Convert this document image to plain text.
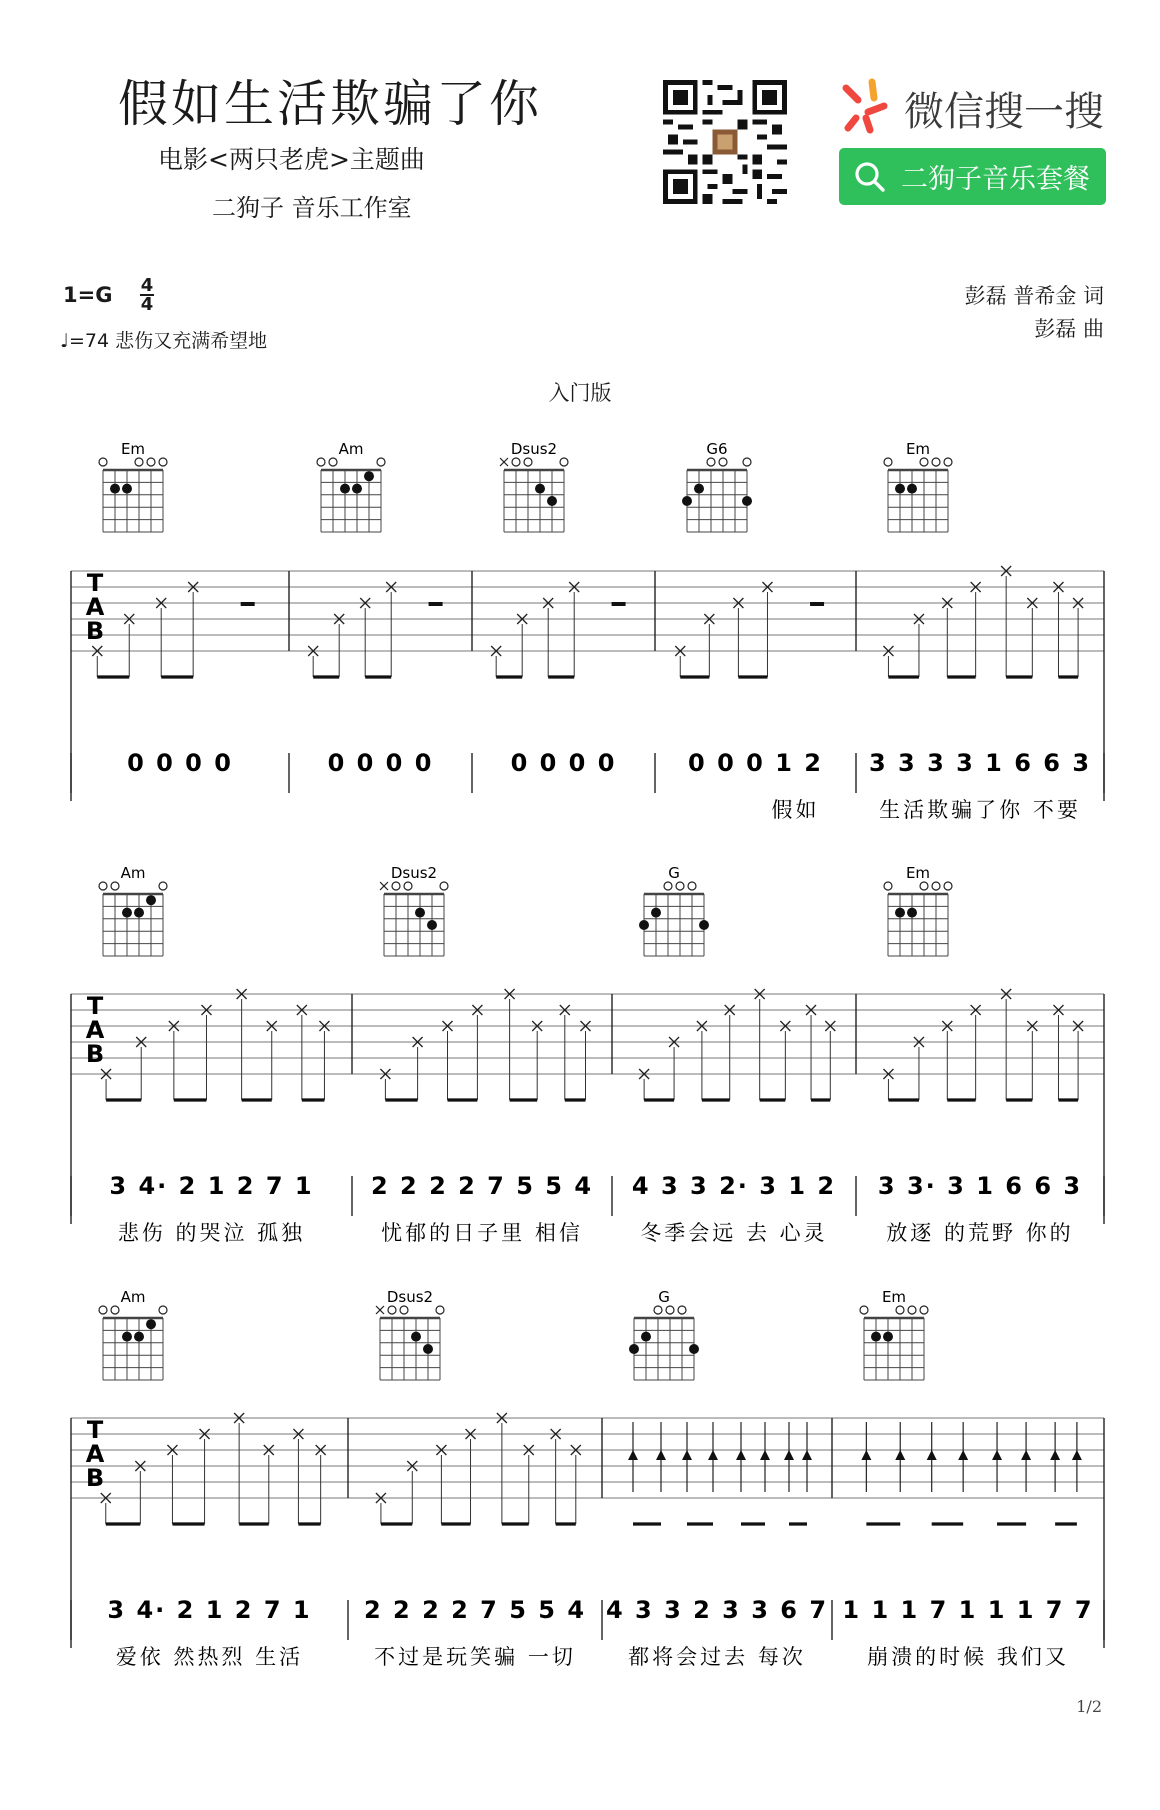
假如生活欺骗了你
电影<两只老虎>主题曲
二狗子 音乐工作室
微信搜一搜
二狗子音乐套餐
1=G 4
4
♩=74 悲伤又充满希望地
彭磊 普希金 词
彭磊 曲
入门版
T
A
B
0 0 0 0	0 0 0 0	0 0 0 0	0 0 0 1 2
假如
3 3 3 3 1 6 6 3
生活欺骗了你 不要
Em	Am	Dsus2	G6	Em
T
A
B
3 4· 2 1 2 7 1
悲伤 的哭泣 孤独
2 2 2 2 7 5 5 4
忧郁的日子里 相信
4 3 3 2· 3 1 2
冬季会远 去 心灵
3 3· 3 1 6 6 3
放逐 的荒野 你的
Am	Dsus2	G	Em
T
A
B
3 4· 2 1 2 7 1
爱依 然热烈 生活
2 2 2 2 7 5 5 4
不过是玩笑骗 一切
4 3 3 2 3 3 6 7
都将会过去 每次
1 1 1 7 1 1 1 7 7
崩溃的时候 我们又
Am	Dsus2	G	Em
1/2
